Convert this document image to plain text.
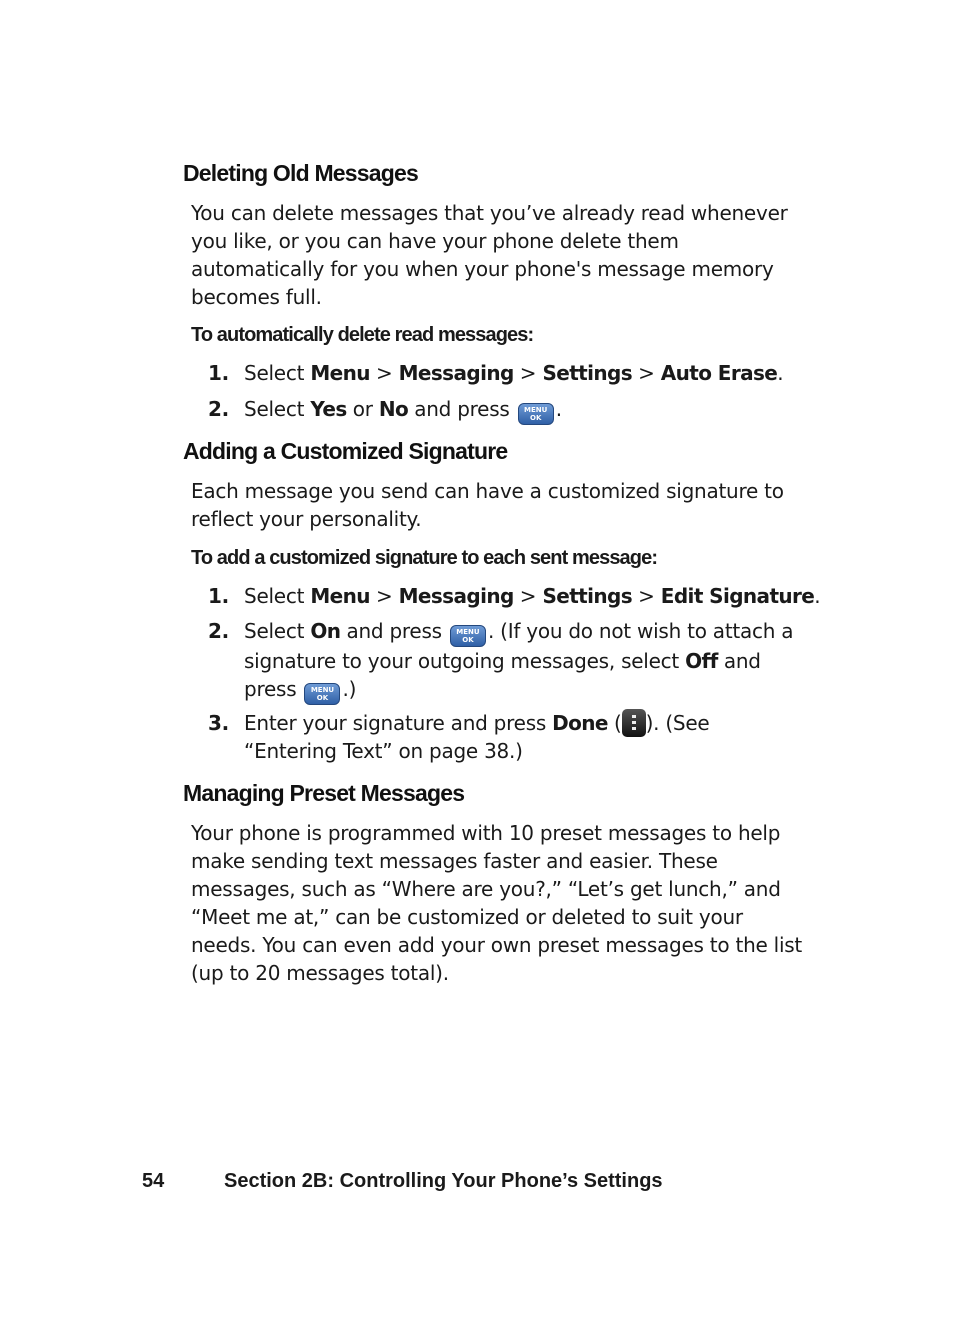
Deleting Old Messages
You can delete messages that you’ve already read whenever
you like, or you can have your phone delete them
automatically for you when your phone's message memory
becomes full.
To automatically delete read messages:
1. Select Menu > Messaging > Settings > Auto Erase.
2. Select Yes or No and press MENU
OK .
Adding a Customized Signature
Each message you send can have a customized signature to
reflect your personality.
To add a customized signature to each sent message:
1. Select Menu > Messaging > Settings > Edit Signature.
2. Select On and press MENU
OK . (If you do not wish to attach a
signature to your outgoing messages, select Off and
press MENU
OK .)
3. Enter your signature and press Done ( ). (See
“Entering Text” on page 38.)
Managing Preset Messages
Your phone is programmed with 10 preset messages to help
make sending text messages faster and easier. These
messages, such as “Where are you?,” “Let’s get lunch,” and
“Meet me at,” can be customized or deleted to suit your
needs. You can even add your own preset messages to the list
(up to 20 messages total).
54	Section 2B: Controlling Your Phone’s Settings
